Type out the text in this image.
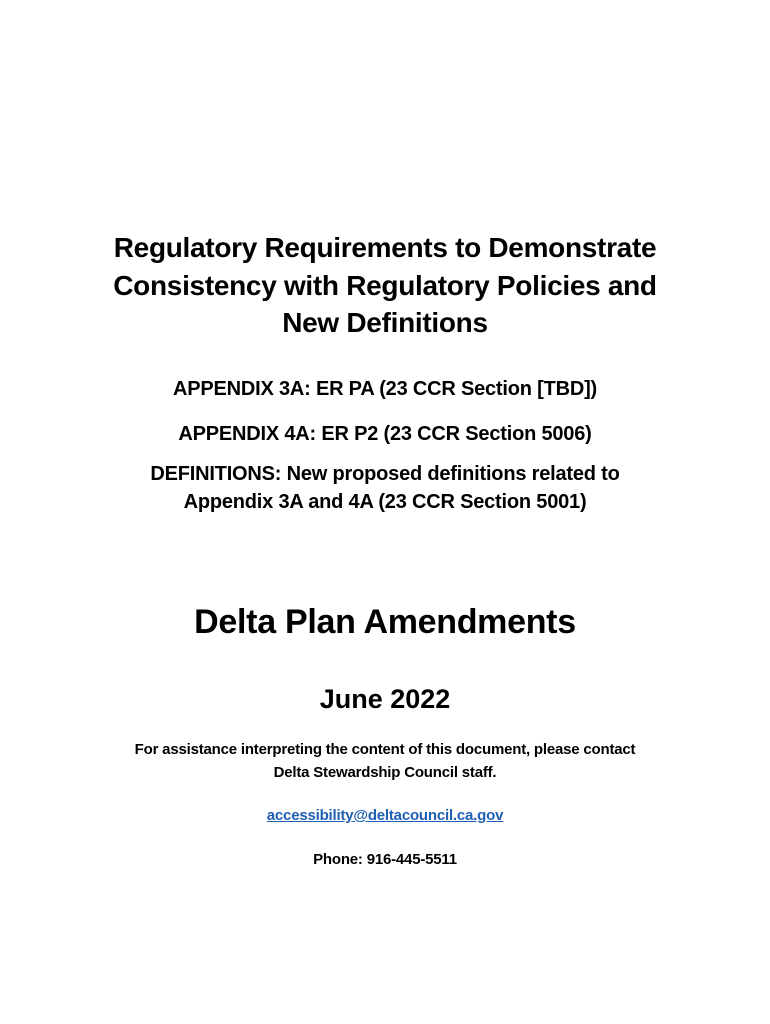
Regulatory Requirements to Demonstrate
Consistency with Regulatory Policies and
New Definitions
APPENDIX 3A: ER PA (23 CCR Section [TBD])
APPENDIX 4A: ER P2 (23 CCR Section 5006)
DEFINITIONS: New proposed definitions related to
Appendix 3A and 4A (23 CCR Section 5001)
Delta Plan Amendments
June 2022
For assistance interpreting the content of this document, please contact
Delta Stewardship Council staff.
accessibility@deltacouncil.ca.gov
Phone: 916-445-5511
